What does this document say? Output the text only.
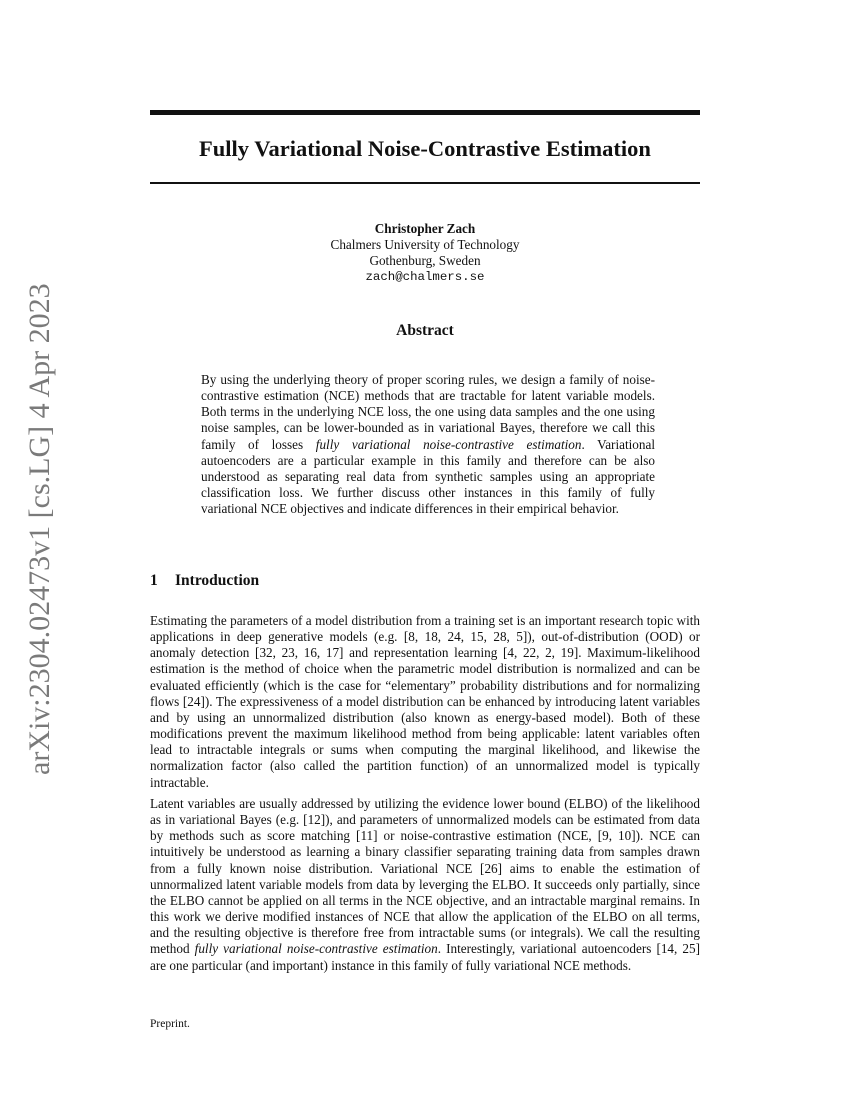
arXiv:2304.02473v1 [cs.LG] 4 Apr 2023
Fully Variational Noise-Contrastive Estimation
Christopher Zach
Chalmers University of Technology
Gothenburg, Sweden
zach@chalmers.se
Abstract
By using the underlying theory of proper scoring rules, we design a family of noise-contrastive estimation (NCE) methods that are tractable for latent variable models. Both terms in the underlying NCE loss, the one using data samples and the one using noise samples, can be lower-bounded as in variational Bayes, therefore we call this family of losses fully variational noise-contrastive estimation. Variational autoencoders are a particular example in this family and therefore can be also understood as separating real data from synthetic samples using an appropriate classification loss. We further discuss other instances in this family of fully variational NCE objectives and indicate differences in their empirical behavior.
1 Introduction

Estimating the parameters of a model distribution from a training set is an important research topic with applications in deep generative models (e.g. [8, 18, 24, 15, 28, 5]), out-of-distribution (OOD) or anomaly detection [32, 23, 16, 17] and representation learning [4, 22, 2, 19]. Maximum-likelihood estimation is the method of choice when the parametric model distribution is normalized and can be evaluated efficiently (which is the case for “elementary” probability distributions and for normalizing flows [24]). The expressiveness of a model distribution can be enhanced by introducing latent variables and by using an unnormalized distribution (also known as energy-based model). Both of these modifications prevent the maximum likelihood method from being applicable: latent variables often lead to intractable integrals or sums when computing the marginal likelihood, and likewise the normalization factor (also called the partition function) of an unnormalized model is typically intractable.

Latent variables are usually addressed by utilizing the evidence lower bound (ELBO) of the likelihood as in variational Bayes (e.g. [12]), and parameters of unnormalized models can be estimated from data by methods such as score matching [11] or noise-contrastive estimation (NCE, [9, 10]). NCE can intuitively be understood as learning a binary classifier separating training data from samples drawn from a fully known noise distribution. Variational NCE [26] aims to enable the estimation of unnormalized latent variable models from data by leverging the ELBO. It succeeds only partially, since the ELBO cannot be applied on all terms in the NCE objective, and an intractable marginal remains. In this work we derive modified instances of NCE that allow the application of the ELBO on all terms, and the resulting objective is therefore free from intractable sums (or integrals). We call the resulting method fully variational noise-contrastive estimation. Interestingly, variational autoencoders [14, 25] are one particular (and important) instance in this family of fully variational NCE methods.

Preprint.
